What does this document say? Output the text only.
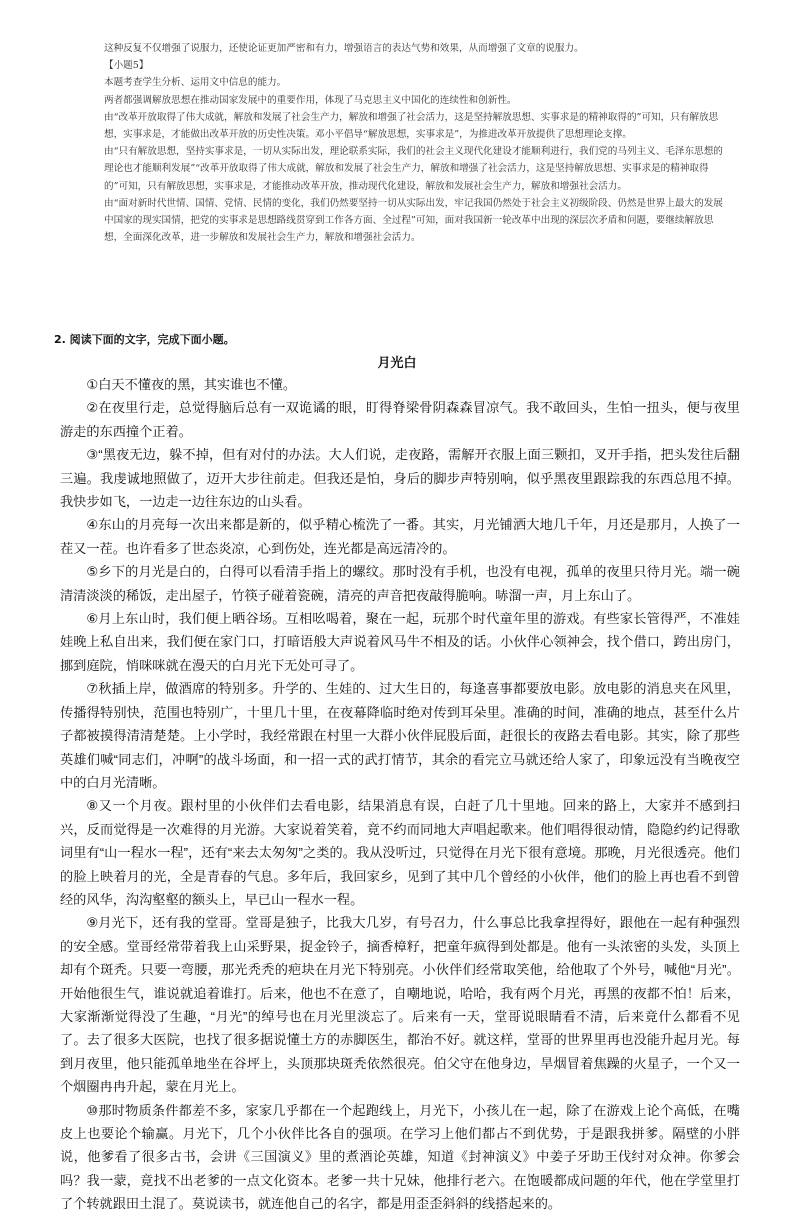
这种反复不仅增强了说服力，还使论证更加严密和有力，增强语言的表达气势和效果，从而增强了文章的说服力。

【小题5】

本题考查学生分析、运用文中信息的能力。

两者都强调解放思想在推动国家发展中的重要作用，体现了马克思主义中国化的连续性和创新性。

由“改革开放取得了伟大成就，解放和发展了社会生产力，解放和增强了社会活力，这是坚持解放思想、实事求是的精神取得的”可知，只有解放思想，实事求是，才能做出改革开放的历史性决策。邓小平倡导“解放思想，实事求是”，为推进改革开放提供了思想理论支撑。

由“只有解放思想，坚持实事求是，一切从实际出发，理论联系实际，我们的社会主义现代化建设才能顺利进行，我们党的马列主义、毛泽东思想的理论也才能顺利发展”“改革开放取得了伟大成就，解放和发展了社会生产力，解放和增强了社会活力，这是坚持解放思想、实事求是的精神取得的”可知，只有解放思想，实事求是，才能推动改革开放，推动现代化建设，解放和发展社会生产力，解放和增强社会活力。

由“面对新时代世情、国情、党情、民情的变化，我们仍然要坚持一切从实际出发，牢记我国仍然处于社会主义初级阶段、仍然是世界上最大的发展中国家的现实国情，把党的实事求是思想路线贯穿到工作各方面、全过程”可知，面对我国新一轮改革中出现的深层次矛盾和问题，要继续解放思想，全面深化改革，进一步解放和发展社会生产力，解放和增强社会活力。

2. 阅读下面的文字，完成下面小题。
月光白

①白天不懂夜的黑，其实谁也不懂。

②在夜里行走，总觉得脑后总有一双诡谲的眼，盯得脊梁骨阴森森冒凉气。我不敢回头，生怕一扭头，便与夜里游走的东西撞个正着。

③“黑夜无边，躲不掉，但有对付的办法。大人们说，走夜路，需解开衣服上面三颗扣，叉开手指，把头发往后翻三遍。我虔诚地照做了，迈开大步往前走。但我还是怕，身后的脚步声特别响，似乎黑夜里跟踪我的东西总甩不掉。我快步如飞，一边走一边往东边的山头看。

④东山的月亮每一次出来都是新的，似乎精心梳洗了一番。其实，月光铺洒大地几千年，月还是那月，人换了一茬又一茬。也许看多了世态炎凉，心到伤处，连光都是高远清冷的。

⑤乡下的月光是白的，白得可以看清手指上的螺纹。那时没有手机，也没有电视，孤单的夜里只待月光。端一碗清清淡淡的稀饭，走出屋子，竹筷子碰着瓷碗，清亮的声音把夜敲得脆响。哧溜一声，月上东山了。

⑥月上东山时，我们便上晒谷场。互相吆喝着，聚在一起，玩那个时代童年里的游戏。有些家长管得严，不准娃娃晚上私自出来，我们便在家门口，打暗语般大声说着风马牛不相及的话。小伙伴心领神会，找个借口，跨出房门，挪到庭院，悄咪咪就在漫天的白月光下无处可寻了。

⑦秋插上岸，做酒席的特别多。升学的、生娃的、过大生日的，每逢喜事都要放电影。放电影的消息夹在风里，传播得特别快，范围也特别广，十里几十里，在夜幕降临时绝对传到耳朵里。准确的时间，准确的地点，甚至什么片子都被摸得清清楚楚。上小学时，我经常跟在村里一大群小伙伴屁股后面，赶很长的夜路去看电影。其实，除了那些英雄们喊“同志们，冲啊”的战斗场面，和一招一式的武打情节，其余的看完立马就还给人家了，印象远没有当晚夜空中的白月光清晰。

⑧又一个月夜。跟村里的小伙伴们去看电影，结果消息有误，白赶了几十里地。回来的路上，大家并不感到扫兴，反而觉得是一次难得的月光游。大家说着笑着，竟不约而同地大声唱起歌来。他们唱得很动情，隐隐约约记得歌词里有“山一程水一程”，还有“来去太匆匆”之类的。我从没听过，只觉得在月光下很有意境。那晚，月光很透亮。他们的脸上映着月的光，全是青春的气息。多年后，我回家乡，见到了其中几个曾经的小伙伴，他们的脸上再也看不到曾经的风华，沟沟壑壑的额头上，早已山一程水一程。

⑨月光下，还有我的堂哥。堂哥是独子，比我大几岁，有号召力，什么事总比我拿捏得好，跟他在一起有种强烈的安全感。堂哥经常带着我上山采野果，捉金铃子，摘香樟籽，把童年疯得到处都是。他有一头浓密的头发，头顶上却有个斑秃。只要一弯腰，那光秃秃的疤块在月光下特别亮。小伙伴们经常取笑他，给他取了个外号，喊他“月光”。开始他很生气，谁说就追着谁打。后来，他也不在意了，自嘲地说，哈哈，我有两个月光，再黑的夜都不怕！后来，大家渐渐觉得没了生趣，“月光”的绰号也在月光里淡忘了。后来有一天，堂哥说眼睛看不清，后来竟什么都看不见了。去了很多大医院，也找了很多据说懂土方的赤脚医生，都治不好。就这样，堂哥的世界里再也没能升起月光。每到月夜里，他只能孤单地坐在谷坪上，头顶那块斑秃依然很亮。伯父守在他身边，旱烟冒着焦躁的火星子，一个又一个烟圈冉冉升起，蒙在月光上。

⑩那时物质条件都差不多，家家几乎都在一个起跑线上，月光下，小孩儿在一起，除了在游戏上论个高低，在嘴皮上也要论个输赢。月光下，几个小伙伴比各自的强项。在学习上他们都占不到优势，于是跟我拼爹。隔壁的小胖说，他爹看了很多古书，会讲《三国演义》里的煮酒论英雄，知道《封神演义》中姜子牙助王伐纣对众神。你爹会吗？我一蒙，竟找不出老爹的一点文化资本。老爹一共十兄妹，他排行老六。在饱暖都成问题的年代，他在学堂里打了个转就跟田土混了。莫说读书，就连他自己的名字，都是用歪歪斜斜的线搭起来的。
